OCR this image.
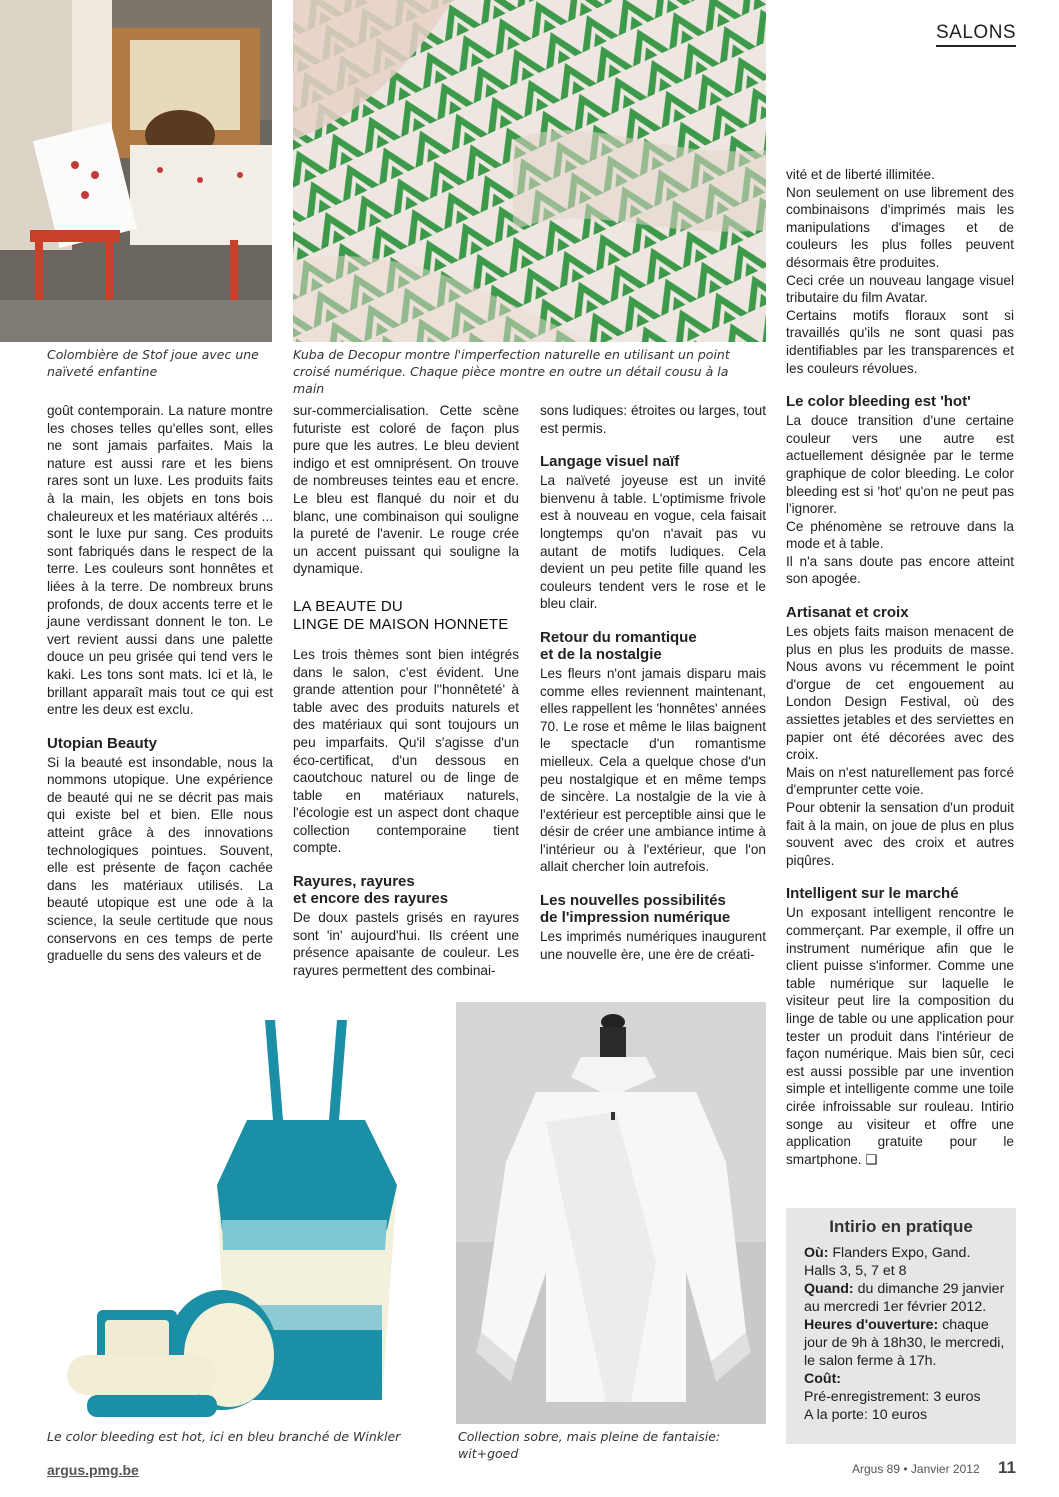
SALONS
Colombière de Stof joue avec une naïveté enfantine
Kuba de Decopur montre l'imperfection naturelle en utilisant un point croisé numérique. Chaque pièce montre en outre un détail cousu à la main

goût contemporain. La nature montre les choses telles qu'elles sont, elles ne sont jamais parfaites. Mais la nature est aussi rare et les biens rares sont un luxe. Les produits faits à la main, les objets en tons bois chaleureux et les matériaux altérés ... sont le luxe pur sang. Ces produits sont fabriqués dans le respect de la terre. Les couleurs sont honnêtes et liées à la terre. De nombreux bruns profonds, de doux accents terre et le jaune verdissant donnent le ton. Le vert revient aussi dans une palette douce un peu grisée qui tend vers le kaki. Les tons sont mats. Ici et là, le brillant apparaît mais tout ce qui est entre les deux est exclu.

Utopian Beauty

Si la beauté est insondable, nous la nommons utopique. Une expérience de beauté qui ne se décrit pas mais qui existe bel et bien. Elle nous atteint grâce à des innovations technologiques pointues. Souvent, elle est présente de façon cachée dans les matériaux utilisés. La beauté utopique est une ode à la science, la seule certitude que nous conservons en ces temps de perte graduelle du sens des valeurs et de

sur-commercialisation. Cette scène futuriste est coloré de façon plus pure que les autres. Le bleu devient indigo et est omniprésent. On trouve de nombreuses teintes eau et encre. Le bleu est flanqué du noir et du blanc, une combinaison qui souligne la pureté de l'avenir. Le rouge crée un accent puissant qui souligne la dynamique.

LA BEAUTE DU
LINGE DE MAISON HONNETE

Les trois thèmes sont bien intégrés dans le salon, c'est évident. Une grande attention pour l''honnêteté' à table avec des produits naturels et des matériaux qui sont toujours un peu imparfaits. Qu'il s'agisse d'un éco-certificat, d'un dessous en caoutchouc naturel ou de linge de table en matériaux naturels, l'écologie est un aspect dont chaque collection contemporaine tient compte.

Rayures, rayures
et encore des rayures

De doux pastels grisés en rayures sont 'in' aujourd'hui. Ils créent une présence apaisante de couleur. Les rayures permettent des combinai-

sons ludiques: étroites ou larges, tout est permis.

Langage visuel naïf

La naïveté joyeuse est un invité bienvenu à table. L'optimisme frivole est à nouveau en vogue, cela faisait longtemps qu'on n'avait pas vu autant de motifs ludiques. Cela devient un peu petite fille quand les couleurs tendent vers le rose et le bleu clair.

Retour du romantique
et de la nostalgie

Les fleurs n'ont jamais disparu mais comme elles reviennent maintenant, elles rappellent les 'honnêtes' années 70. Le rose et même le lilas baignent le spectacle d'un romantisme mielleux. Cela a quelque chose d'un peu nostalgique et en même temps de sincère. La nostalgie de la vie à l'extérieur est perceptible ainsi que le désir de créer une ambiance intime à l'intérieur ou à l'extérieur, que l'on allait chercher loin autrefois.

Les nouvelles possibilités
de l'impression numérique

Les imprimés numériques inaugurent une nouvelle ère, une ère de créati-

vité et de liberté illimitée.

Non seulement on use librement des combinaisons d'imprimés mais les manipulations d'images et de couleurs les plus folles peuvent désormais être produites.

Ceci crée un nouveau langage visuel tributaire du film Avatar.

Certains motifs floraux sont si travaillés qu'ils ne sont quasi pas identifiables par les transparences et les couleurs révolues.

Le color bleeding est 'hot'

La douce transition d'une certaine couleur vers une autre est actuellement désignée par le terme graphique de color bleeding. Le color bleeding est si 'hot' qu'on ne peut pas l'ignorer.

Ce phénomène se retrouve dans la mode et à table.

Il n'a sans doute pas encore atteint son apogée.

Artisanat et croix

Les objets faits maison menacent de plus en plus les produits de masse. Nous avons vu récemment le point d'orgue de cet engouement au London Design Festival, où des assiettes jetables et des serviettes en papier ont été décorées avec des croix.

Mais on n'est naturellement pas forcé d'emprunter cette voie.

Pour obtenir la sensation d'un produit fait à la main, on joue de plus en plus souvent avec des croix et autres piqûres.

Intelligent sur le marché

Un exposant intelligent rencontre le commerçant. Par exemple, il offre un instrument numérique afin que le client puisse s'informer. Comme une table numérique sur laquelle le visiteur peut lire la composition du linge de table ou une application pour tester un produit dans l'intérieur de façon numérique. Mais bien sûr, ceci est aussi possible par une invention simple et intelligente comme une toile cirée infroissable sur rouleau. Intirio songe au visiteur et offre une application gratuite pour le smartphone. ❑

Le color bleeding est hot, ici en bleu branché de Winkler	Collection sobre, mais pleine de fantaisie: wit+goed
Intirio en pratique
Où: Flanders Expo, Gand.
Halls 3, 5, 7 et 8
Quand: du dimanche 29 janvier au mercredi 1er février 2012.
Heures d'ouverture: chaque jour de 9h à 18h30, le mercredi, le salon ferme à 17h.
Coût:
Pré-enregistrement: 3 euros
A la porte: 10 euros
argus.pmg.be	Argus 89 • Janvier 2012 11
